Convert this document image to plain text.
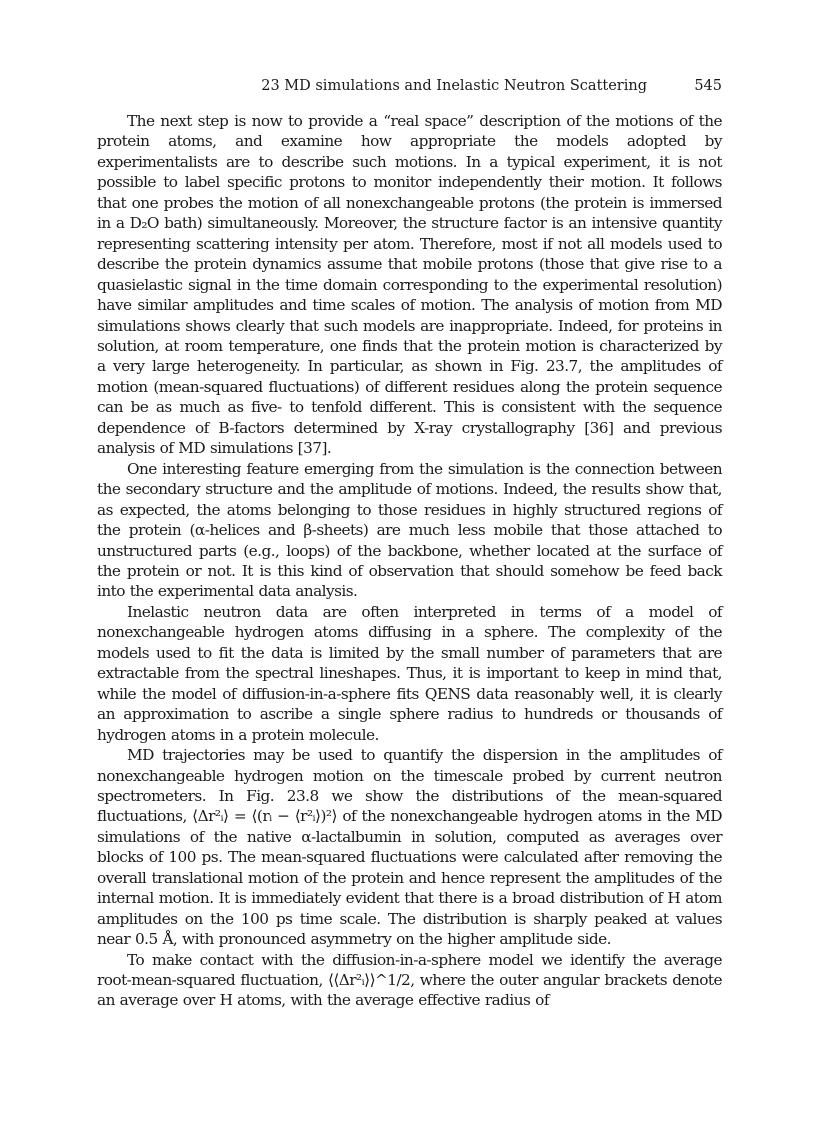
23 MD simulations and Inelastic Neutron Scattering	545

The next step is now to provide a “real space” description of the motions of the protein atoms, and examine how appropriate the models adopted by experimentalists are to describe such motions. In a typical experiment, it is not possible to label specific protons to monitor independently their motion. It follows that one probes the motion of all nonexchangeable protons (the protein is immersed in a D₂O bath) simultaneously. Moreover, the structure factor is an intensive quantity representing scattering intensity per atom. Therefore, most if not all models used to describe the protein dynamics assume that mobile protons (those that give rise to a quasielastic signal in the time domain corresponding to the experimental resolution) have similar amplitudes and time scales of motion. The analysis of motion from MD simulations shows clearly that such models are inappropriate. Indeed, for proteins in solution, at room temperature, one finds that the protein motion is characterized by a very large heterogeneity. In particular, as shown in Fig. 23.7, the amplitudes of motion (mean-squared fluctuations) of different residues along the protein sequence can be as much as five- to tenfold different. This is consistent with the sequence dependence of B-factors determined by X-ray crystallography [36] and previous analysis of MD simulations [37].

One interesting feature emerging from the simulation is the connection between the secondary structure and the amplitude of motions. Indeed, the results show that, as expected, the atoms belonging to those residues in highly structured regions of the protein (α-helices and β-sheets) are much less mobile that those attached to unstructured parts (e.g., loops) of the backbone, whether located at the surface of the protein or not. It is this kind of observation that should somehow be feed back into the experimental data analysis.

Inelastic neutron data are often interpreted in terms of a model of nonexchangeable hydrogen atoms diffusing in a sphere. The complexity of the models used to fit the data is limited by the small number of parameters that are extractable from the spectral lineshapes. Thus, it is important to keep in mind that, while the model of diffusion-in-a-sphere fits QENS data reasonably well, it is clearly an approximation to ascribe a single sphere radius to hundreds or thousands of hydrogen atoms in a protein molecule.

MD trajectories may be used to quantify the dispersion in the amplitudes of nonexchangeable hydrogen motion on the timescale probed by current neutron spectrometers. In Fig. 23.8 we show the distributions of the mean-squared fluctuations, ⟨Δr²ᵢ⟩ = ⟨(rᵢ − ⟨r²ᵢ⟩)²⟩ of the nonexchangeable hydrogen atoms in the MD simulations of the native α-lactalbumin in solution, computed as averages over blocks of 100 ps. The mean-squared fluctuations were calculated after removing the overall translational motion of the protein and hence represent the amplitudes of the internal motion. It is immediately evident that there is a broad distribution of H atom amplitudes on the 100 ps time scale. The distribution is sharply peaked at values near 0.5 Å, with pronounced asymmetry on the higher amplitude side.

To make contact with the diffusion-in-a-sphere model we identify the average root-mean-squared fluctuation, ⟨⟨Δr²ᵢ⟩⟩^1/2, where the outer angular brackets denote an average over H atoms, with the average effective radius of
